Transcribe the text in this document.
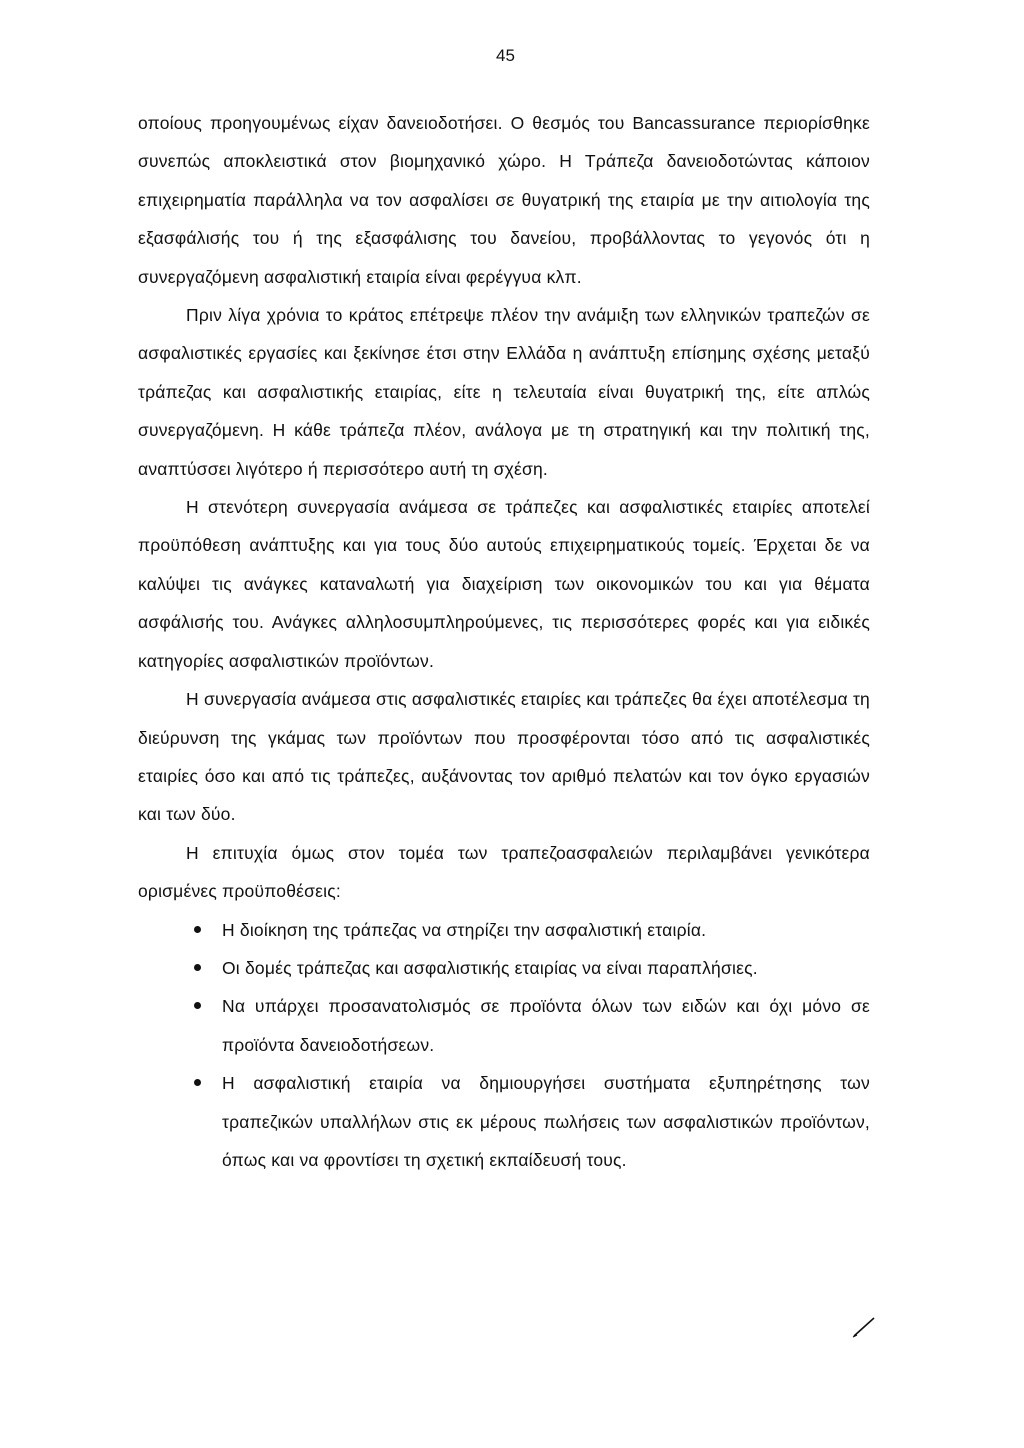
45

οποίους προηγουμένως είχαν δανειοδοτήσει. Ο θεσμός του Bancassurance περιορίσθηκε συνεπώς αποκλειστικά στον βιομηχανικό χώρο. Η Τράπεζα δανειοδοτώντας κάποιον επιχειρηματία παράλληλα να τον ασφαλίσει σε θυγατρική της εταιρία με την αιτιολογία της εξασφάλισής του ή της εξασφάλισης του δανείου, προβάλλοντας το γεγονός ότι η συνεργαζόμενη ασφαλιστική εταιρία είναι φερέγγυα κλπ.

Πριν λίγα χρόνια το κράτος επέτρεψε πλέον την ανάμιξη των ελληνικών τραπεζών σε ασφαλιστικές εργασίες και ξεκίνησε έτσι στην Ελλάδα η ανάπτυξη επίσημης σχέσης μεταξύ τράπεζας και ασφαλιστικής εταιρίας, είτε η τελευταία είναι θυγατρική της, είτε απλώς συνεργαζόμενη. Η κάθε τράπεζα πλέον, ανάλογα με τη στρατηγική και την πολιτική της, αναπτύσσει λιγότερο ή περισσότερο αυτή τη σχέση.

Η στενότερη συνεργασία ανάμεσα σε τράπεζες και ασφαλιστικές εταιρίες αποτελεί προϋπόθεση ανάπτυξης και για τους δύο αυτούς επιχειρηματικούς τομείς. Έρχεται δε να καλύψει τις ανάγκες καταναλωτή για διαχείριση των οικονομικών του και για θέματα ασφάλισής του. Ανάγκες αλληλοσυμπληρούμενες, τις περισσότερες φορές και για ειδικές κατηγορίες ασφαλιστικών προϊόντων.

Η συνεργασία ανάμεσα στις ασφαλιστικές εταιρίες και τράπεζες θα έχει αποτέλεσμα τη διεύρυνση της γκάμας των προϊόντων που προσφέρονται τόσο από τις ασφαλιστικές εταιρίες όσο και από τις τράπεζες, αυξάνοντας τον αριθμό πελατών και τον όγκο εργασιών και των δύο.

Η επιτυχία όμως στον τομέα των τραπεζοασφαλειών περιλαμβάνει γενικότερα ορισμένες προϋποθέσεις:

Η διοίκηση της τράπεζας να στηρίζει την ασφαλιστική εταιρία.
Οι δομές τράπεζας και ασφαλιστικής εταιρίας να είναι παραπλήσιες.
Να υπάρχει προσανατολισμός σε προϊόντα όλων των ειδών και όχι μόνο σε προϊόντα δανειοδοτήσεων.
Η ασφαλιστική εταιρία να δημιουργήσει συστήματα εξυπηρέτησης των τραπεζικών υπαλλήλων στις εκ μέρους πωλήσεις των ασφαλιστικών προϊόντων, όπως και να φροντίσει τη σχετική εκπαίδευσή τους.
